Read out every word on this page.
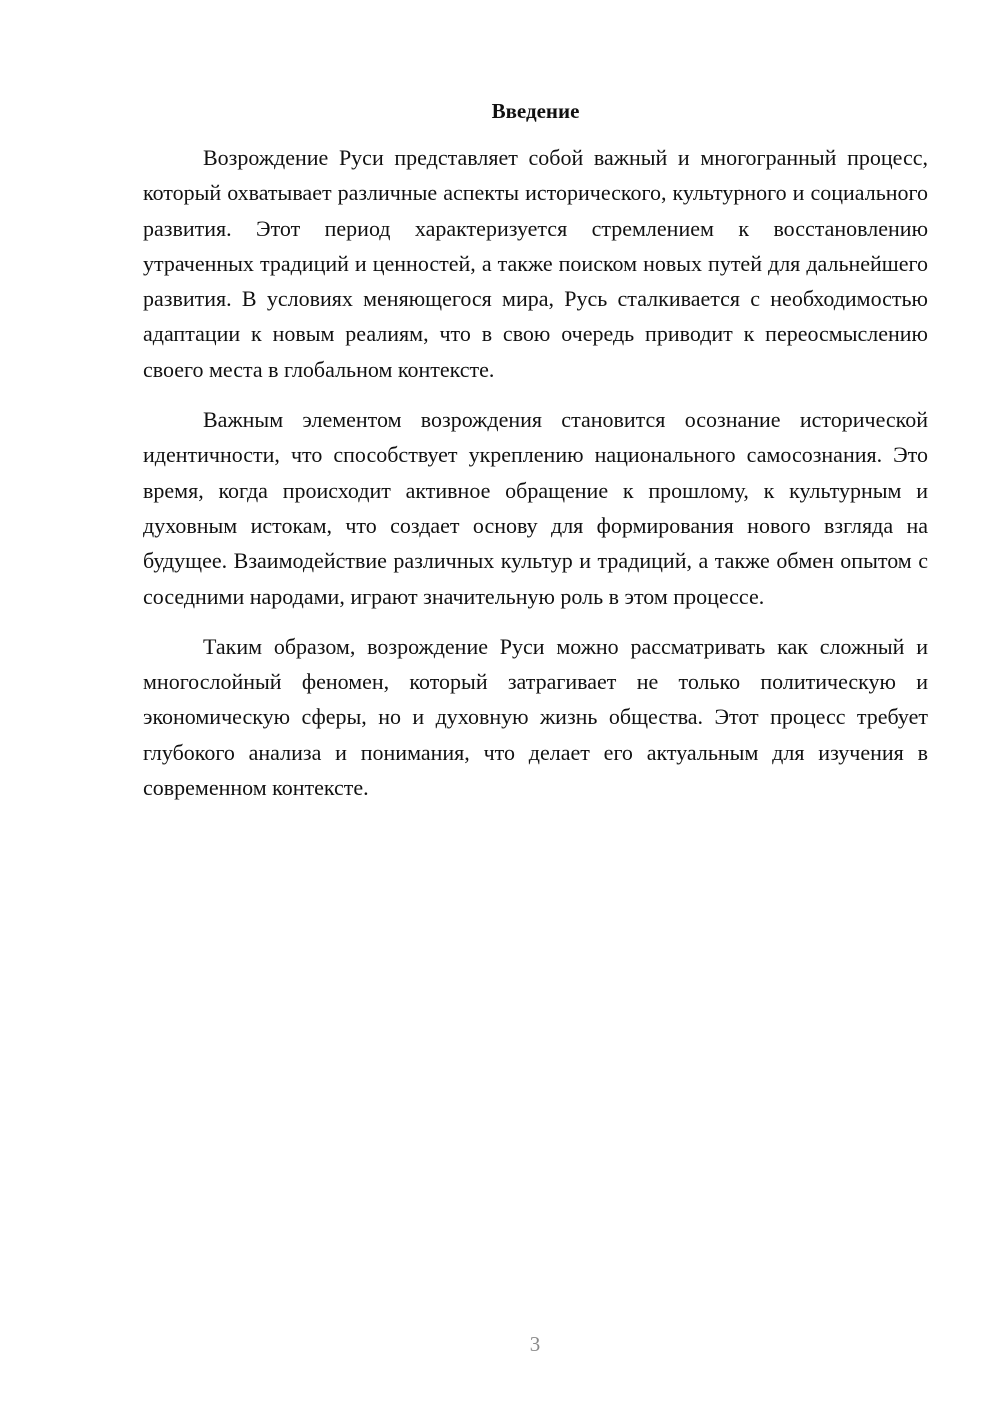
Введение

Возрождение Руси представляет собой важный и многогранный процесс, который охватывает различные аспекты исторического, культурного и социального развития. Этот период характеризуется стремлением к восстановлению утраченных традиций и ценностей, а также поиском новых путей для дальнейшего развития. В условиях меняющегося мира, Русь сталкивается с необходимостью адаптации к новым реалиям, что в свою очередь приводит к переосмыслению своего места в глобальном контексте.

Важным элементом возрождения становится осознание исторической идентичности, что способствует укреплению национального самосознания. Это время, когда происходит активное обращение к прошлому, к культурным и духовным истокам, что создает основу для формирования нового взгляда на будущее. Взаимодействие различных культур и традиций, а также обмен опытом с соседними народами, играют значительную роль в этом процессе.

Таким образом, возрождение Руси можно рассматривать как сложный и многослойный феномен, который затрагивает не только политическую и экономическую сферы, но и духовную жизнь общества. Этот процесс требует глубокого анализа и понимания, что делает его актуальным для изучения в современном контексте.

3
